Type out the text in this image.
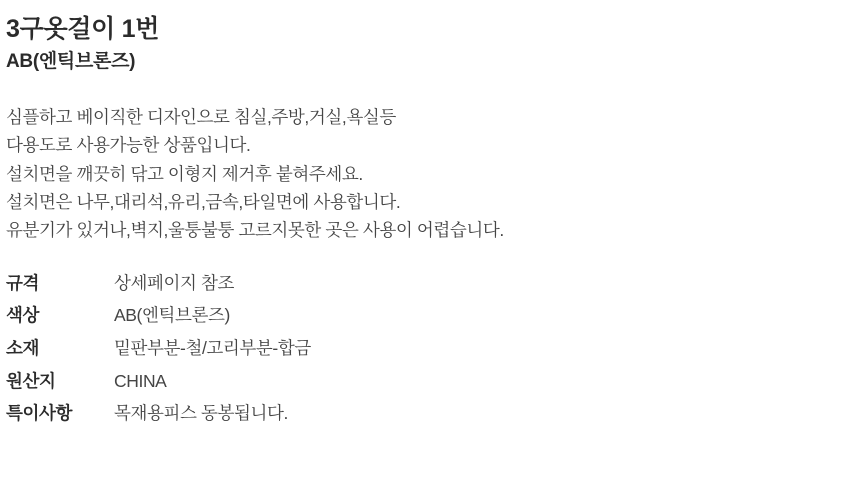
3구옷걸이 1번
AB(엔틱브론즈)
심플하고 베이직한 디자인으로 침실,주방,거실,욕실등
다용도로 사용가능한 상품입니다.
설치면을 깨끗히 닦고 이형지 제거후 붙혀주세요.
설치면은 나무,대리석,유리,금속,타일면에 사용합니다.
유분기가 있거나,벽지,울퉁불퉁 고르지못한 곳은 사용이 어렵습니다.
규격	상세페이지 참조
색상	AB(엔틱브론즈)
소재	밑판부분-철/고리부분-합금
원산지	CHINA
특이사항	목재용피스 동봉됩니다.
